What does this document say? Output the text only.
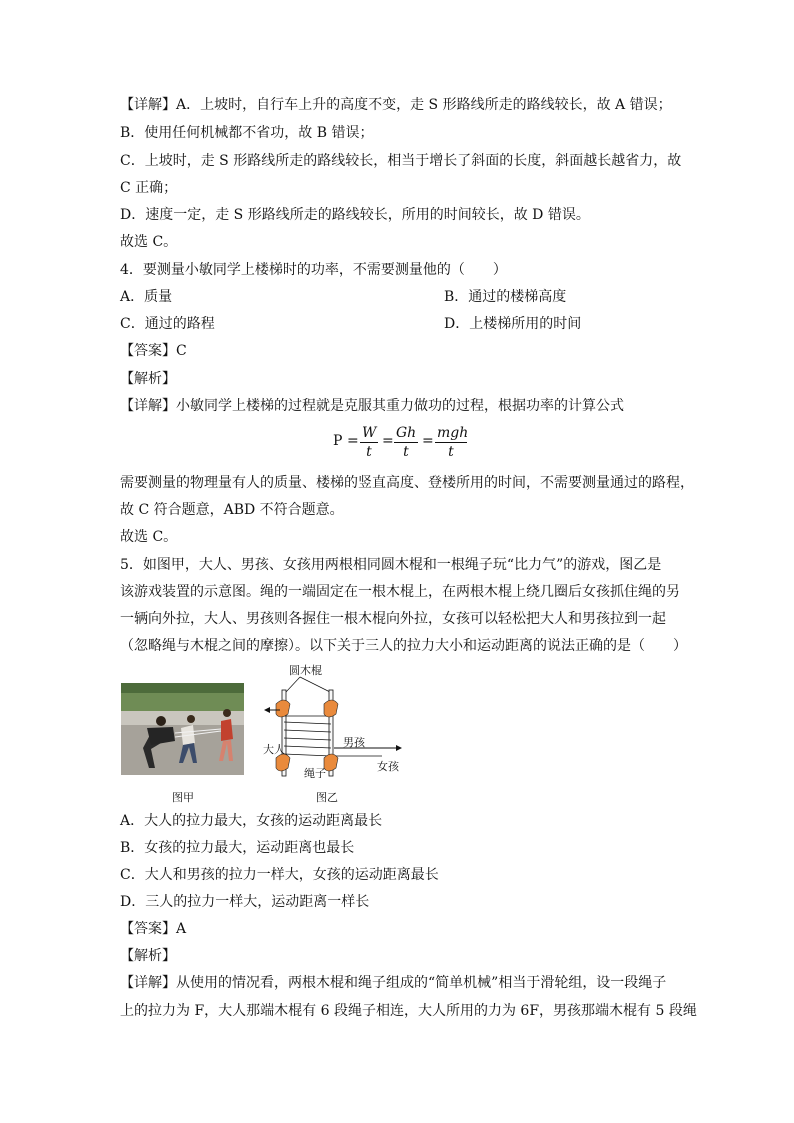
【详解】A．上坡时，自行车上升的高度不变，走 S 形路线所走的路线较长，故 A 错误；
B．使用任何机械都不省功，故 B 错误；
C．上坡时，走 S 形路线所走的路线较长，相当于增长了斜面的长度，斜面越长越省力，故
C 正确；
D．速度一定，走 S 形路线所走的路线较长，所用的时间较长，故 D 错误。
故选 C。
4．要测量小敏同学上楼梯时的功率，不需要测量他的（　　）
A．质量	B．通过的楼梯高度
C．通过的路程	D．上楼梯所用的时间
【答案】C
【解析】
【详解】小敏同学上楼梯的过程就是克服其重力做功的过程，根据功率的计算公式
$P = \frac{W}{t} = \frac{Gh}{t}$ = mgh
t
需要测量的物理量有人的质量、楼梯的竖直高度、登楼所用的时间，不需要测量通过的路程，
故 C 符合题意，ABD 不符合题意。
故选 C。
5．如图甲，大人、男孩、女孩用两根相同圆木棍和一根绳子玩“比力气”的游戏，图乙是
该游戏装置的示意图。绳的一端固定在一根木棍上，在两根木棍上绕几圈后女孩抓住绳的另
一辆向外拉，大人、男孩则各握住一根木棍向外拉，女孩可以轻松把大人和男孩拉到一起
（忽略绳与木棍之间的摩擦）。以下关于三人的拉力大小和运动距离的说法正确的是（　　）
圆木棍
大人
男孩
绳子
女孩
图甲	图乙
A．大人的拉力最大，女孩的运动距离最长
B．女孩的拉力最大，运动距离也最长
C．大人和男孩的拉力一样大，女孩的运动距离最长
D．三人的拉力一样大，运动距离一样长
【答案】A
【解析】
【详解】从使用的情况看，两根木棍和绳子组成的“简单机械”相当于滑轮组，设一段绳子
上的拉力为 F，大人那端木棍有 6 段绳子相连，大人所用的力为 6F，男孩那端木棍有 5 段绳
